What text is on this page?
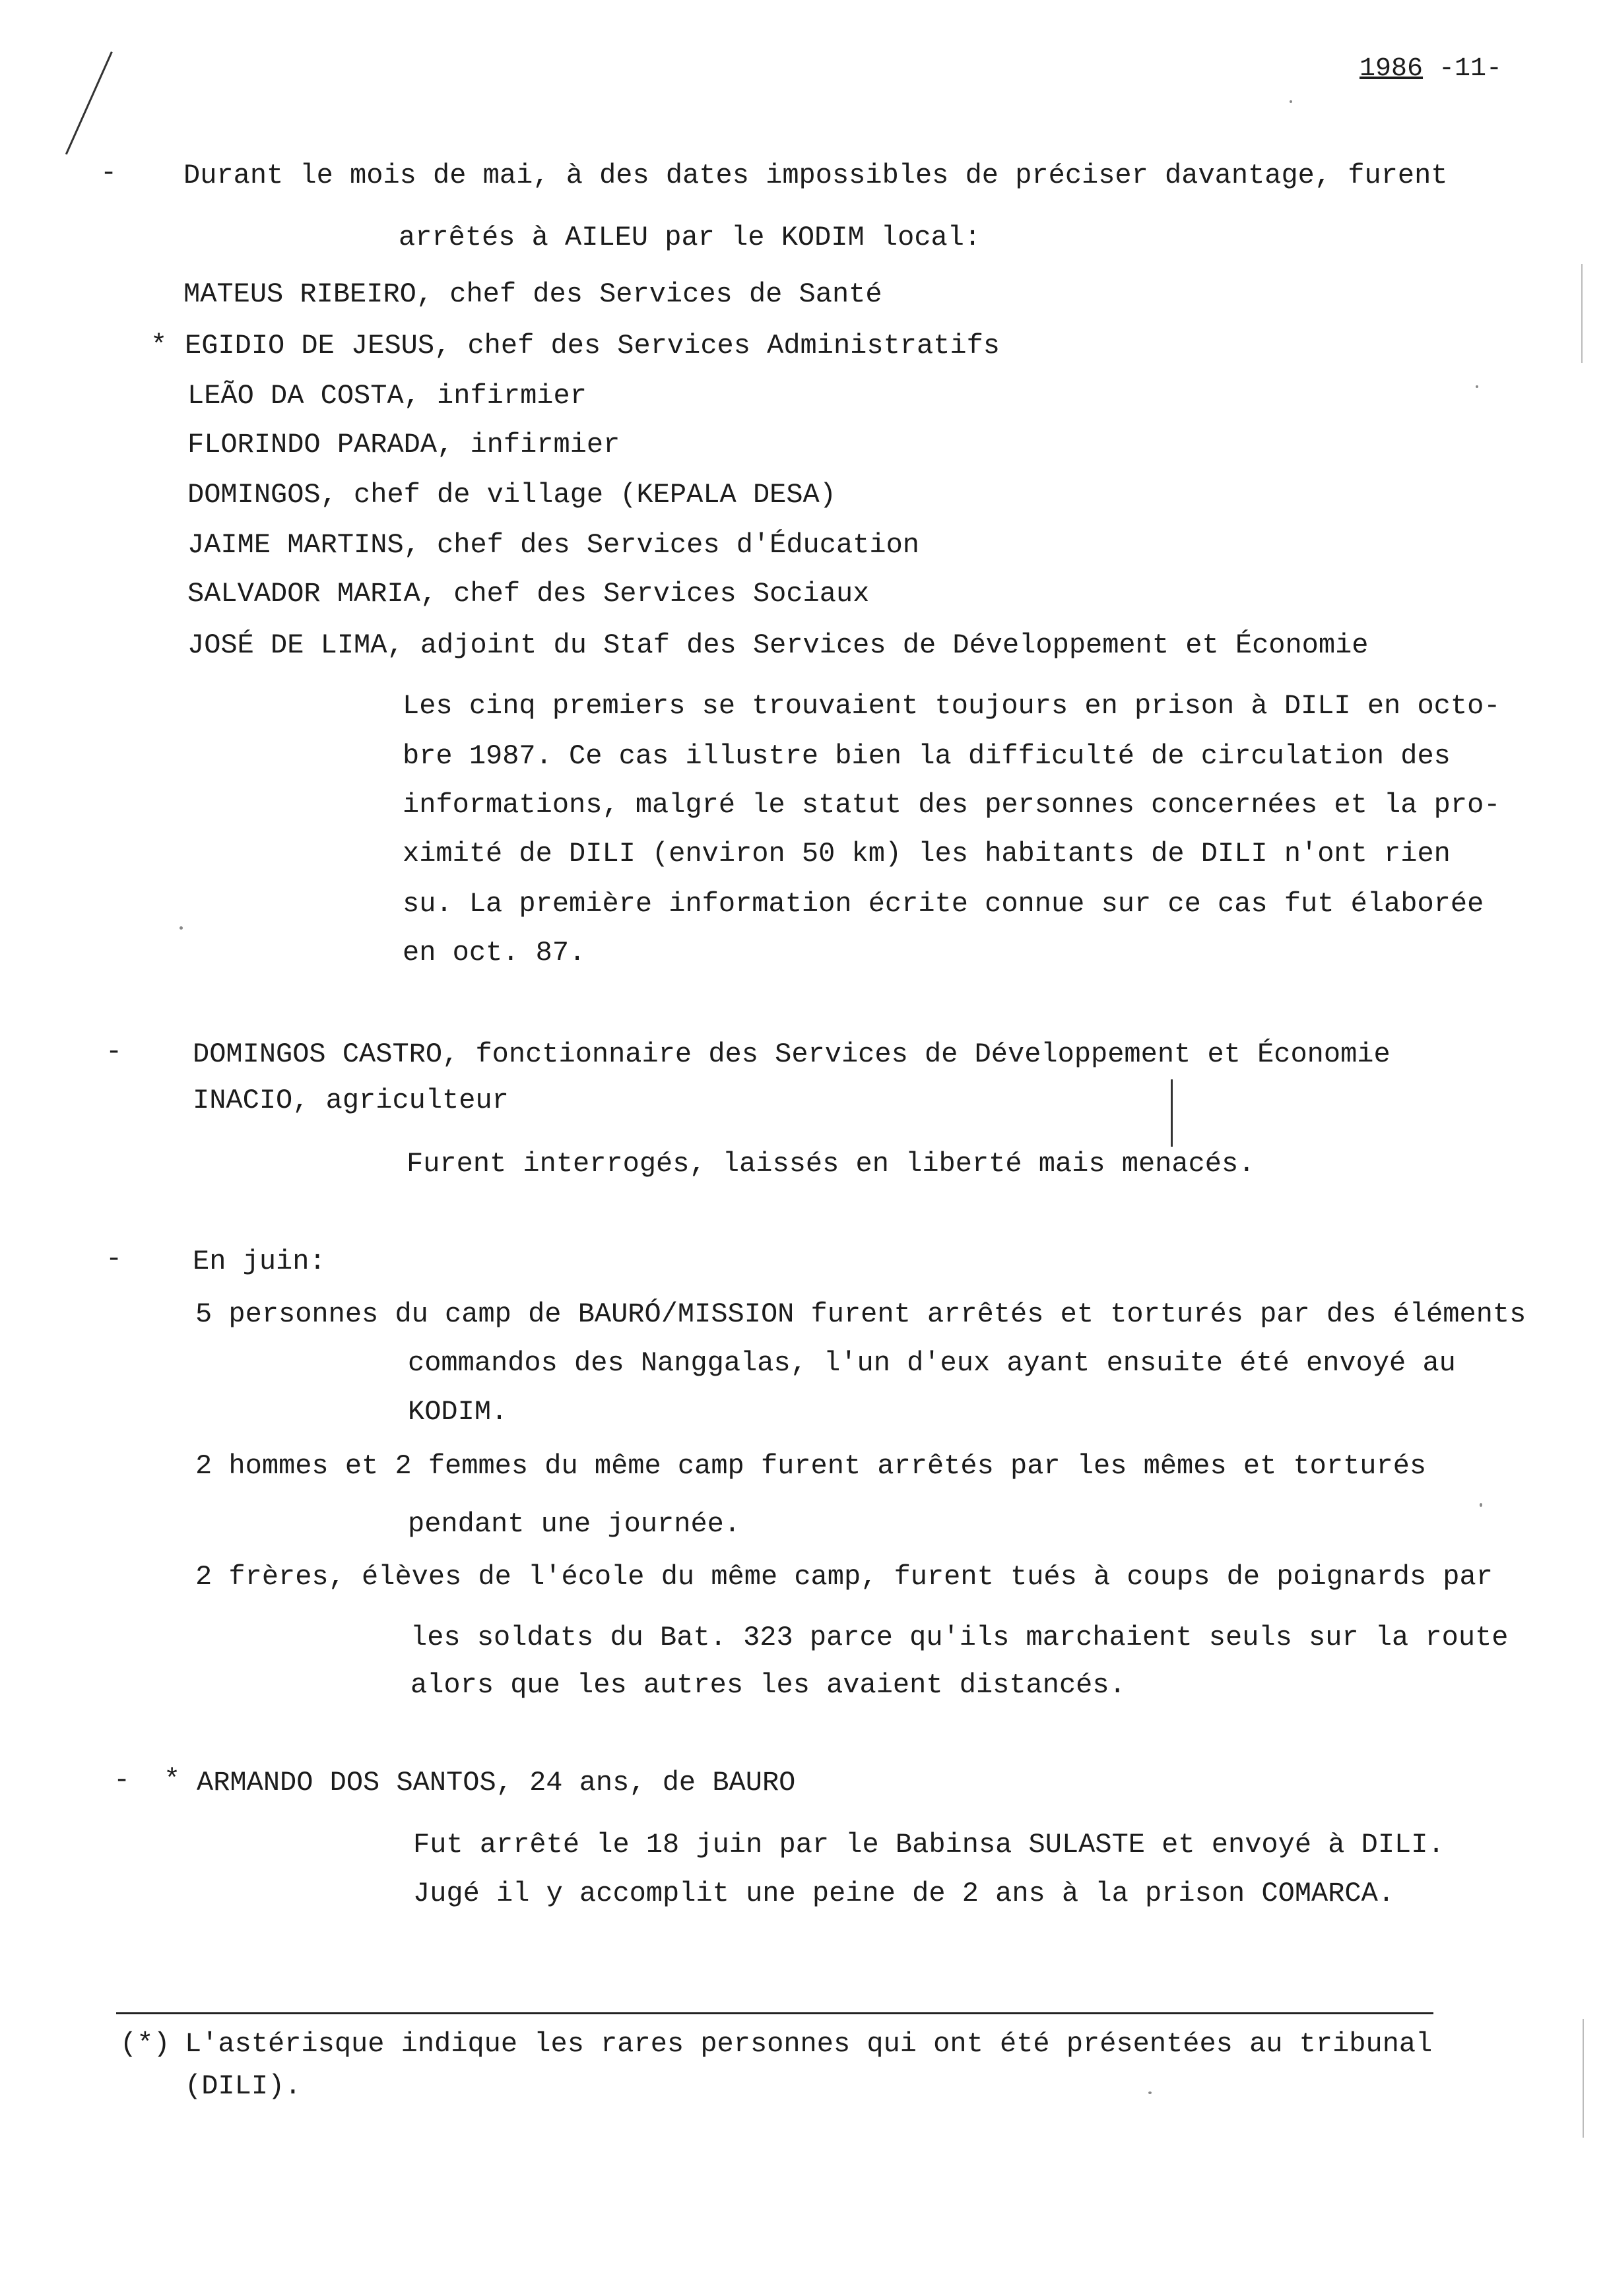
1986 -11-

- Durant le mois de mai, à des dates impossibles de préciser davantage, furent
arrêtés à AILEU par le KODIM local:
MATEUS RIBEIRO, chef des Services de Santé
* EGIDIO DE JESUS, chef des Services Administratifs
LEÃO DA COSTA, infirmier
FLORINDO PARADA, infirmier
DOMINGOS, chef de village (KEPALA DESA)
JAIME MARTINS, chef des Services d'Éducation
SALVADOR MARIA, chef des Services Sociaux
JOSÉ DE LIMA, adjoint du Staf des Services de Développement et Économie
Les cinq premiers se trouvaient toujours en prison à DILI en octo-
bre 1987. Ce cas illustre bien la difficulté de circulation des
informations, malgré le statut des personnes concernées et la pro-
ximité de DILI (environ 50 km) les habitants de DILI n'ont rien
su. La première information écrite connue sur ce cas fut élaborée
en oct. 87.
-	DOMINGOS CASTRO, fonctionnaire des Services de Développement et Économie
INACIO, agriculteur
Furent interrogés, laissés en liberté mais menacés.
-	En juin:
5 personnes du camp de BAURÓ/MISSION furent arrêtés et torturés par des éléments
commandos des Nanggalas, l'un d'eux ayant ensuite été envoyé au
KODIM.
2 hommes et 2 femmes du même camp furent arrêtés par les mêmes et torturés
pendant une journée.
2 frères, élèves de l'école du même camp, furent tués à coups de poignards par
les soldats du Bat. 323 parce qu'ils marchaient seuls sur la route
alors que les autres les avaient distancés.
- * ARMANDO DOS SANTOS, 24 ans, de BAURO
Fut arrêté le 18 juin par le Babinsa SULASTE et envoyé à DILI.
Jugé il y accomplit une peine de 2 ans à la prison COMARCA.
(*) L'astérisque indique les rares personnes qui ont été présentées au tribunal
(DILI).
